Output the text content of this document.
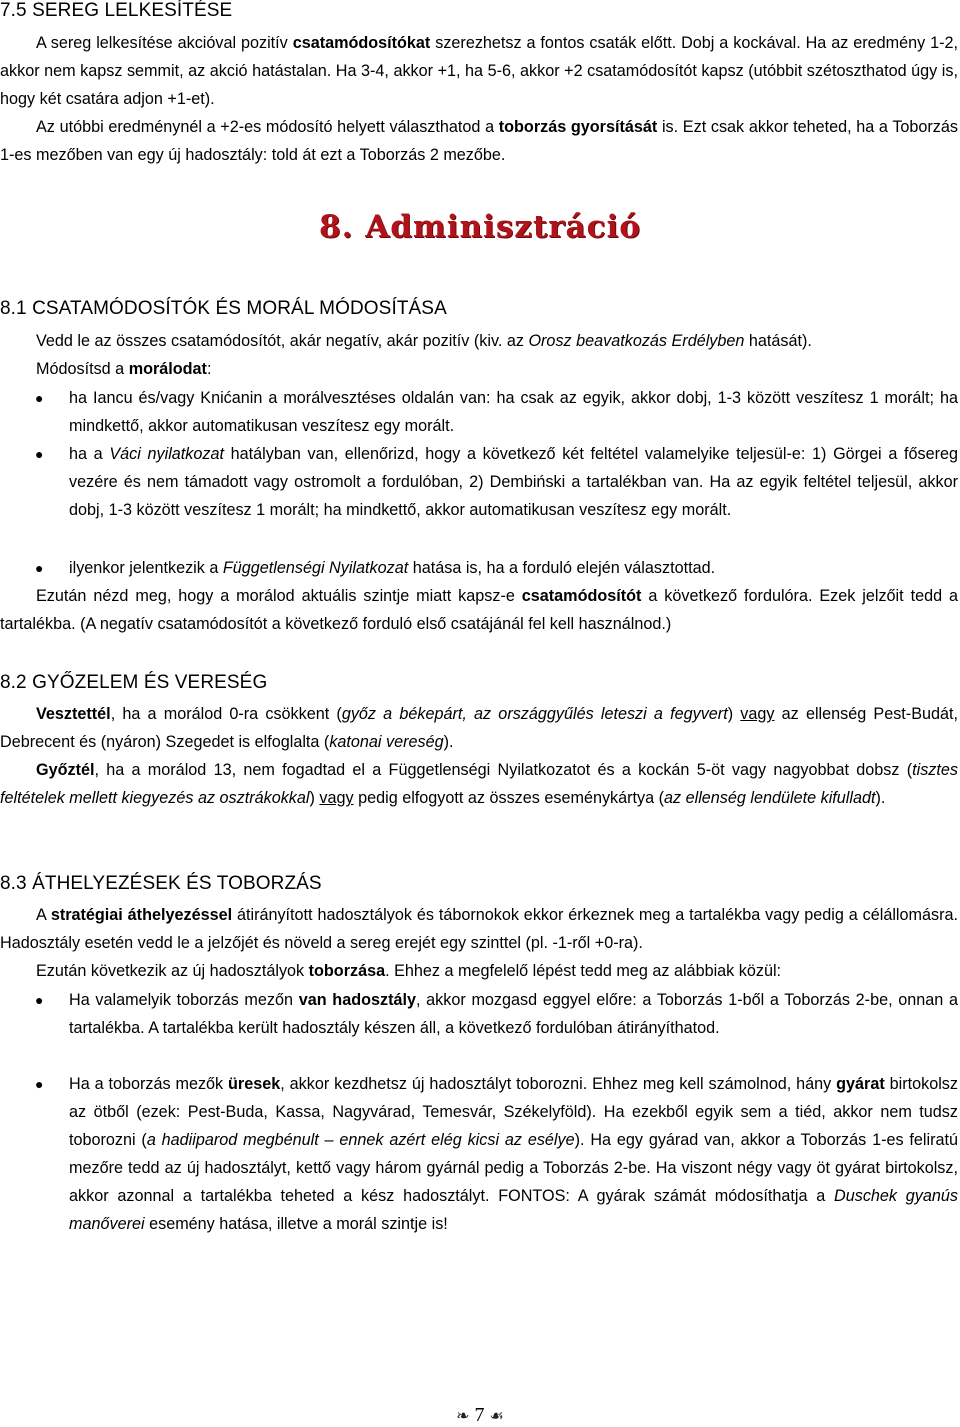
7.5 SEREG LELKESÍTÉSE
A sereg lelkesítése akcióval pozitív csatamódosítókat szerezhetsz a fontos csaták előtt. Dobj a kockával. Ha az eredmény 1-2, akkor nem kapsz semmit, az akció hatástalan. Ha 3-4, akkor +1, ha 5-6, akkor +2 csatamódosítót kapsz (utóbbit szétoszthatod úgy is, hogy két csatára adjon +1-et).
Az utóbbi eredménynél a +2-es módosító helyett választhatod a toborzás gyorsítását is. Ezt csak akkor teheted, ha a Toborzás 1-es mezőben van egy új hadosztály: told át ezt a Toborzás 2 mezőbe.
8. Adminisztráció
8.1 CSATAMÓDOSÍTÓK ÉS MORÁL MÓDOSÍTÁSA
Vedd le az összes csatamódosítót, akár negatív, akár pozitív (kiv. az Orosz beavatkozás Erdélyben hatását).
Módosítsd a morálodat:
● ha Iancu és/vagy Knićanin a morálvesztéses oldalán van: ha csak az egyik, akkor dobj, 1-3 között veszítesz 1 morált; ha mindkettő, akkor automatikusan veszítesz egy morált.
● ha a Váci nyilatkozat hatályban van, ellenőrizd, hogy a következő két feltétel valamelyike teljesül-e: 1) Görgei a fősereg vezére és nem támadott vagy ostromolt a fordulóban, 2) Dembiński a tartalékban van. Ha az egyik feltétel teljesül, akkor dobj, 1-3 között veszítesz 1 morált; ha mindkettő, akkor automatikusan veszítesz egy morált.
● ilyenkor jelentkezik a Függetlenségi Nyilatkozat hatása is, ha a forduló elején választottad.
Ezután nézd meg, hogy a morálod aktuális szintje miatt kapsz-e csatamódosítót a következő fordulóra. Ezek jelzőit tedd a tartalékba. (A negatív csatamódosítót a következő forduló első csatájánál fel kell használnod.)
8.2 GYŐZELEM ÉS VERESÉG
Vesztettél, ha a morálod 0-ra csökkent (győz a békepárt, az országgyűlés leteszi a fegyvert) vagy az ellenség Pest-Budát, Debrecent és (nyáron) Szegedet is elfoglalta (katonai vereség).
Győztél, ha a morálod 13, nem fogadtad el a Függetlenségi Nyilatkozatot és a kockán 5-öt vagy nagyobbat dobsz (tisztes feltételek mellett kiegyezés az osztrákokkal) vagy pedig elfogyott az összes eseménykártya (az ellenség lendülete kifulladt).
8.3 ÁTHELYEZÉSEK ÉS TOBORZÁS
A stratégiai áthelyezéssel átirányított hadosztályok és tábornokok ekkor érkeznek meg a tartalékba vagy pedig a célállomásra. Hadosztály esetén vedd le a jelzőjét és növeld a sereg erejét egy szinttel (pl. -1-ről +0-ra).
Ezután következik az új hadosztályok toborzása. Ehhez a megfelelő lépést tedd meg az alábbiak közül:
● Ha valamelyik toborzás mezőn van hadosztály, akkor mozgasd eggyel előre: a Toborzás 1-ből a Toborzás 2-be, onnan a tartalékba. A tartalékba került hadosztály készen áll, a következő fordulóban átirányíthatod.
● Ha a toborzás mezők üresek, akkor kezdhetsz új hadosztályt toborozni. Ehhez meg kell számolnod, hány gyárat birtokolsz az ötből (ezek: Pest-Buda, Kassa, Nagyvárad, Temesvár, Székelyföld). Ha ezekből egyik sem a tiéd, akkor nem tudsz toborozni (a hadiiparod megbénult – ennek azért elég kicsi az esélye). Ha egy gyárad van, akkor a Toborzás 1-es feliratú mezőre tedd az új hadosztályt, kettő vagy három gyárnál pedig a Toborzás 2-be. Ha viszont négy vagy öt gyárat birtokolsz, akkor azonnal a tartalékba teheted a kész hadosztályt. FONTOS: A gyárak számát módosíthatja a Duschek gyanús manőverei esemény hatása, illetve a morál szintje is!
❧ 7 ☙
